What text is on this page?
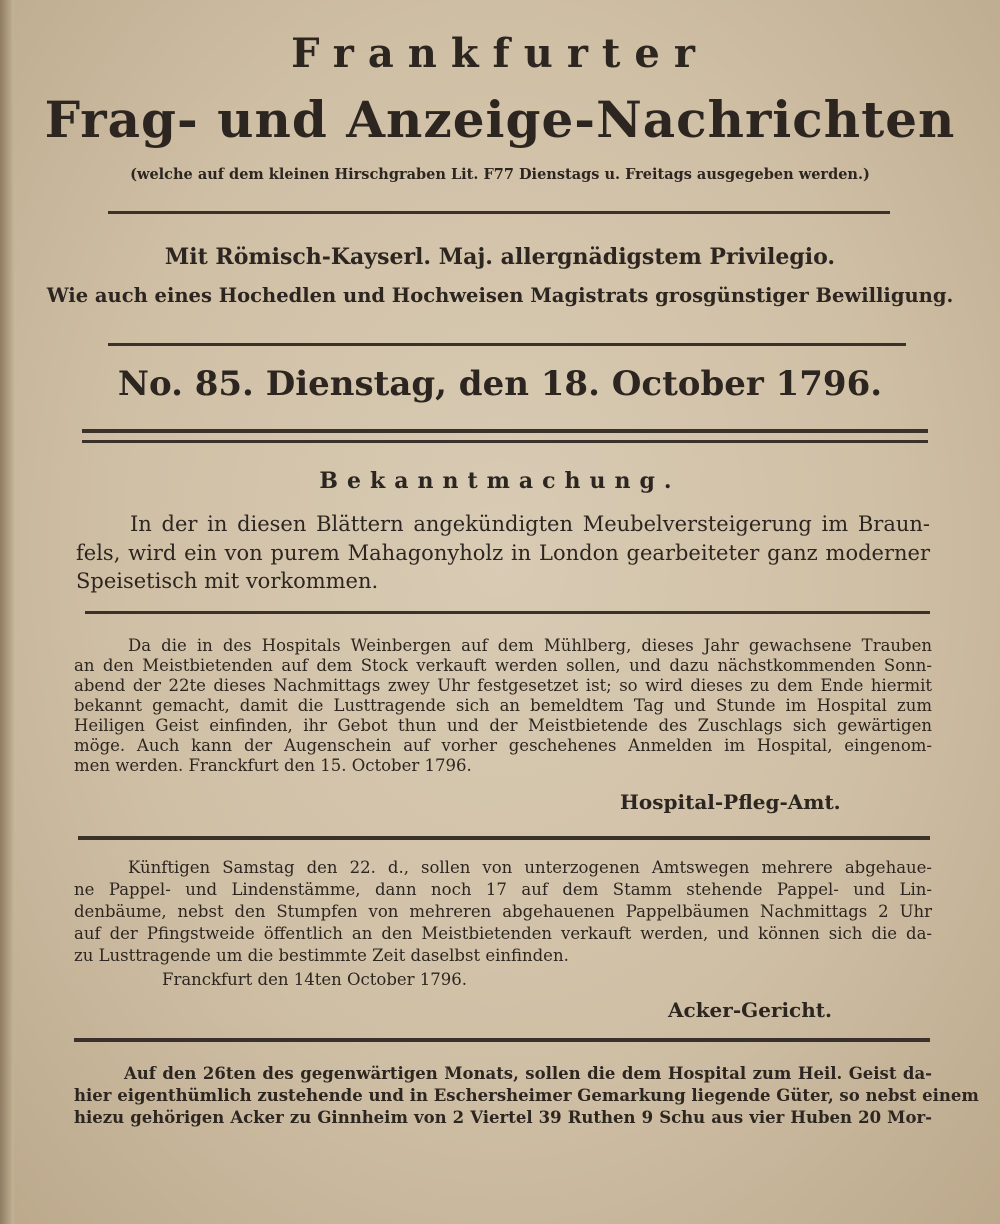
Frankfurter
Frag- und Anzeige-Nachrichten
(welche auf dem kleinen Hirschgraben Lit. F77 Dienstags u. Freitags ausgegeben werden.)
Mit Römisch-Kayserl. Maj. allergnädigstem Privilegio.
Wie auch eines Hochedlen und Hochweisen Magistrats grosgünstiger Bewilligung.
No. 85. Dienstag, den 18. October 1796.
Bekanntmachung.
In der in diesen Blättern angekündigten Meubelversteigerung im Braun-
fels, wird ein von purem Mahagonyholz in London gearbeiteter ganz moderner
Speisetisch mit vorkommen.
Da die in des Hospitals Weinbergen auf dem Mühlberg, dieses Jahr gewachsene Trauben
an den Meistbietenden auf dem Stock verkauft werden sollen, und dazu nächstkommenden Sonn-
abend der 22te dieses Nachmittags zwey Uhr festgesetzet ist; so wird dieses zu dem Ende hiermit
bekannt gemacht, damit die Lusttragende sich an bemeldtem Tag und Stunde im Hospital zum
Heiligen Geist einfinden, ihr Gebot thun und der Meistbietende des Zuschlags sich gewärtigen
möge. Auch kann der Augenschein auf vorher geschehenes Anmelden im Hospital, eingenom-
men werden. Franckfurt den 15. October 1796.
Hospital-Pfleg-Amt.
Künftigen Samstag den 22. d., sollen von unterzogenen Amtswegen mehrere abgehaue-
ne Pappel- und Lindenstämme, dann noch 17 auf dem Stamm stehende Pappel- und Lin-
denbäume, nebst den Stumpfen von mehreren abgehauenen Pappelbäumen Nachmittags 2 Uhr
auf der Pfingstweide öffentlich an den Meistbietenden verkauft werden, und können sich die da-
zu Lusttragende um die bestimmte Zeit daselbst einfinden.
Franckfurt den 14ten October 1796.
Acker-Gericht.
Auf den 26ten des gegenwärtigen Monats, sollen die dem Hospital zum Heil. Geist da-
hier eigenthümlich zustehende und in Eschersheimer Gemarkung liegende Güter, so nebst einem
hiezu gehörigen Acker zu Ginnheim von 2 Viertel 39 Ruthen 9 Schu aus vier Huben 20 Mor-
